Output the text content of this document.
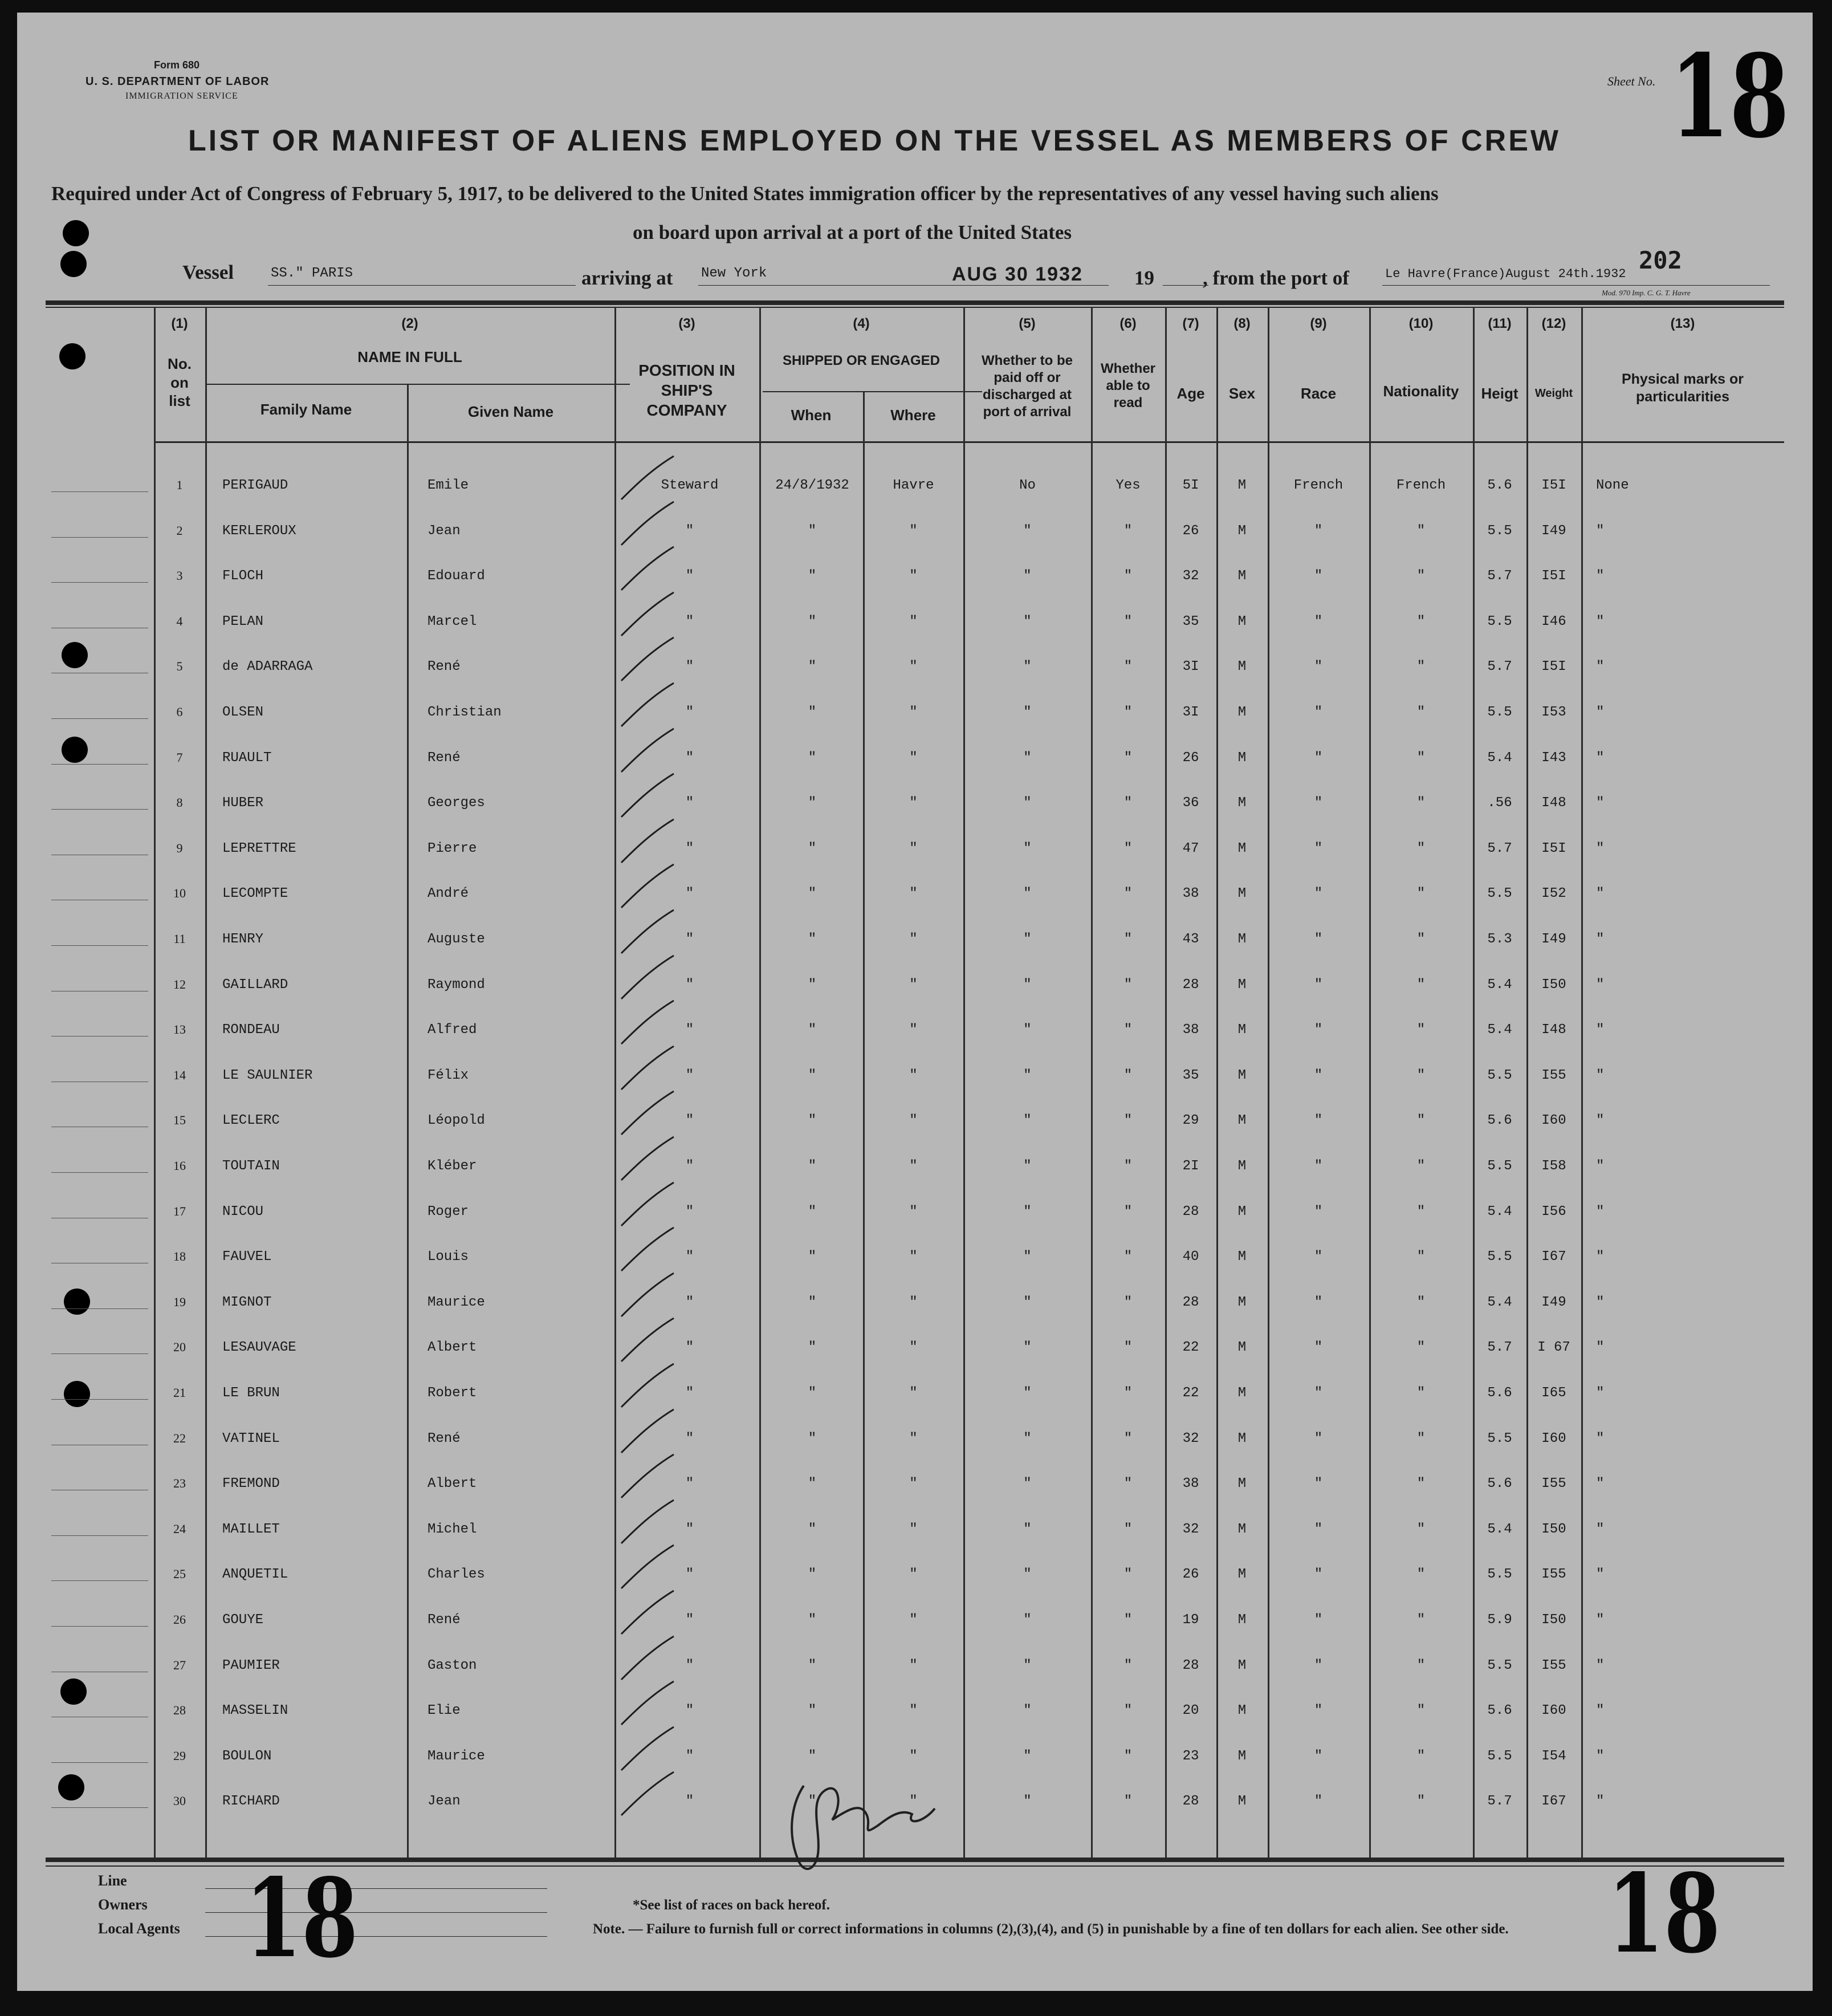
Form 680
U. S. DEPARTMENT OF LABOR
IMMIGRATION SERVICE
Sheet No. 18
LIST OR MANIFEST OF ALIENS EMPLOYED ON THE VESSEL AS MEMBERS OF CREW
Required under Act of Congress of February 5, 1917, to be delivered to the United States immigration officer by the representatives of any vessel having such aliens
on board upon arrival at a port of the United States
Vessel	SS." PARIS	arriving at New York	AUG 30 1932	19 , from the port of	Le Havre(France)August 24th.1932 202
Mod. 970 Imp. C. G. T. Havre
(1)
No. on list
(2)
NAME IN FULL
Family Name	Given Name
(3)
POSITION IN SHIP'S COMPANY
(4)
SHIPPED OR ENGAGED
When	Where
(5)
Whether to be paid off or discharged at port of arrival
(6)
Whether able to read
(7)
Age
(8)
Sex
(9)
Race
(10)
Nationality
(11)
Heigt
(12)
Weight
(13)
Physical marks or particularities
1	PERIGAUD	Emile	Steward	24/8/1932	Havre	No	Yes	5I	M	French	French	5.6	I5I	None
2	KERLEROUX	Jean	"	"	"	"	"	26	M	"	"	5.5	I49	"
3	FLOCH	Edouard	"	"	"	"	"	32	M	"	"	5.7	I5I	"
4	PELAN	Marcel	"	"	"	"	"	35	M	"	"	5.5	I46	"
5	de ADARRAGA	René	"	"	"	"	"	3I	M	"	"	5.7	I5I	"
6	OLSEN	Christian	"	"	"	"	"	3I	M	"	"	5.5	I53	"
7	RUAULT	René	"	"	"	"	"	26	M	"	"	5.4	I43	"
8	HUBER	Georges	"	"	"	"	"	36	M	"	"	.56	I48	"
9	LEPRETTRE	Pierre	"	"	"	"	"	47	M	"	"	5.7	I5I	"
10	LECOMPTE	André	"	"	"	"	"	38	M	"	"	5.5	I52	"
11	HENRY	Auguste	"	"	"	"	"	43	M	"	"	5.3	I49	"
12	GAILLARD	Raymond	"	"	"	"	"	28	M	"	"	5.4	I50	"
13	RONDEAU	Alfred	"	"	"	"	"	38	M	"	"	5.4	I48	"
14	LE SAULNIER	Félix	"	"	"	"	"	35	M	"	"	5.5	I55	"
15	LECLERC	Léopold	"	"	"	"	"	29	M	"	"	5.6	I60	"
16	TOUTAIN	Kléber	"	"	"	"	"	2I	M	"	"	5.5	I58	"
17	NICOU	Roger	"	"	"	"	"	28	M	"	"	5.4	I56	"
18	FAUVEL	Louis	"	"	"	"	"	40	M	"	"	5.5	I67	"
19	MIGNOT	Maurice	"	"	"	"	"	28	M	"	"	5.4	I49	"
20	LESAUVAGE	Albert	"	"	"	"	"	22	M	"	"	5.7	I 67	"
21	LE BRUN	Robert	"	"	"	"	"	22	M	"	"	5.6	I65	"
22	VATINEL	René	"	"	"	"	"	32	M	"	"	5.5	I60	"
23	FREMOND	Albert	"	"	"	"	"	38	M	"	"	5.6	I55	"
24	MAILLET	Michel	"	"	"	"	"	32	M	"	"	5.4	I50	"
25	ANQUETIL	Charles	"	"	"	"	"	26	M	"	"	5.5	I55	"
26	GOUYE	René	"	"	"	"	"	19	M	"	"	5.9	I50	"
27	PAUMIER	Gaston	"	"	"	"	"	28	M	"	"	5.5	I55	"
28	MASSELIN	Elie	"	"	"	"	"	20	M	"	"	5.6	I60	"
29	BOULON	Maurice	"	"	"	"	"	23	M	"	"	5.5	I54	"
30	RICHARD	Jean	"	"	"	"	"	28	M	"	"	5.7	I67	"
Line
Owners
Local Agents 18	18
*See list of races on back hereof.
Note. — Failure to furnish full or correct informations in columns (2),(3),(4), and (5) in punishable by a fine of ten dollars for each alien. See other side.
